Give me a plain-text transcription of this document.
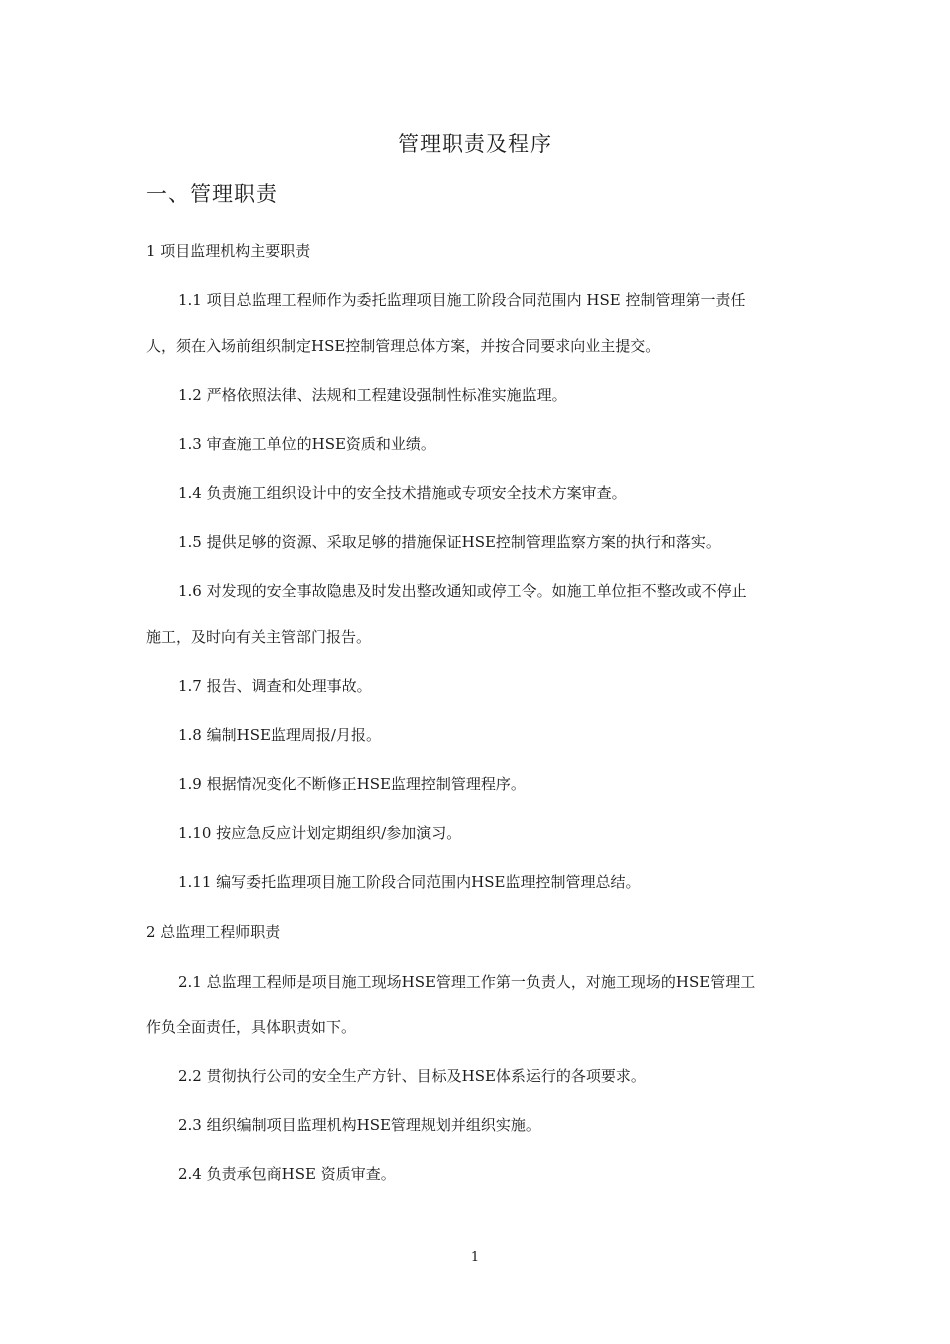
管理职责及程序
一、管理职责
1 项目监理机构主要职责
1.1 项目总监理工程师作为委托监理项目施工阶段合同范围内 HSE 控制管理第一责任
人，须在入场前组织制定HSE控制管理总体方案，并按合同要求向业主提交。
1.2 严格依照法律、法规和工程建设强制性标准实施监理。
1.3 审查施工单位的HSE资质和业绩。
1.4 负责施工组织设计中的安全技术措施或专项安全技术方案审查。
1.5 提供足够的资源、采取足够的措施保证HSE控制管理监察方案的执行和落实。
1.6 对发现的安全事故隐患及时发出整改通知或停工令。如施工单位拒不整改或不停止
施工，及时向有关主管部门报告。
1.7 报告、调查和处理事故。
1.8 编制HSE监理周报/月报。
1.9 根据情况变化不断修正HSE监理控制管理程序。
1.10 按应急反应计划定期组织/参加演习。
1.11 编写委托监理项目施工阶段合同范围内HSE监理控制管理总结。
2 总监理工程师职责
2.1 总监理工程师是项目施工现场HSE管理工作第一负责人，对施工现场的HSE管理工
作负全面责任，具体职责如下。
2.2 贯彻执行公司的安全生产方针、目标及HSE体系运行的各项要求。
2.3 组织编制项目监理机构HSE管理规划并组织实施。
2.4 负责承包商HSE 资质审查。
1
